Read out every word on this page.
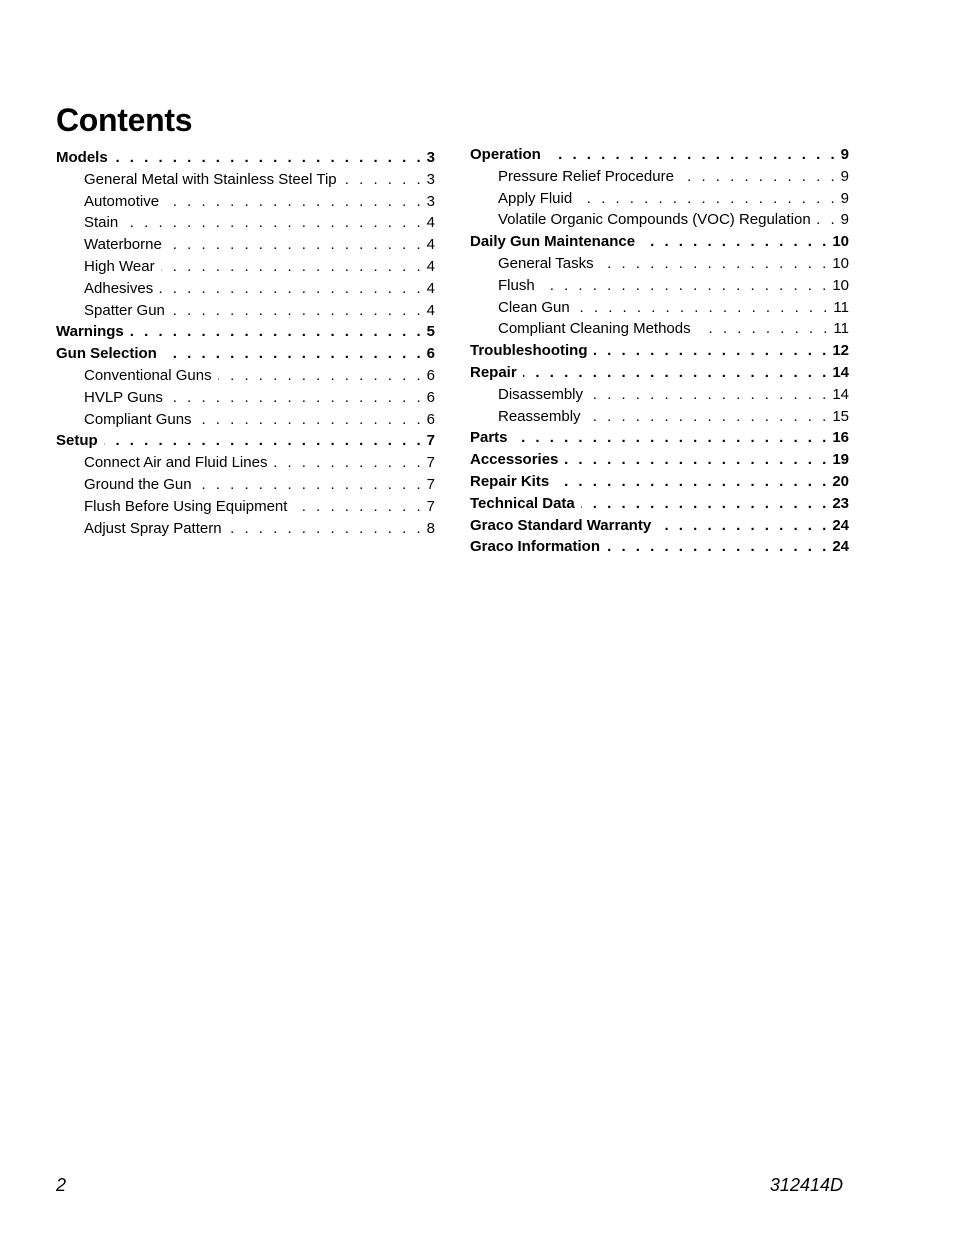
Contents
Models . . .	3
General Metal with Stainless Steel Tip . . .	3
Automotive . . .	3
Stain . . .	4
Waterborne . . .	4
High Wear . . .	4
Adhesives . . .	4
Spatter Gun . . .	4
Warnings . . .	5
Gun Selection . . .	6
Conventional Guns . . .	6
HVLP Guns . . .	6
Compliant Guns . . .	6
Setup . . .	7
Connect Air and Fluid Lines . . .	7
Ground the Gun . . .	7
Flush Before Using Equipment . . .	7
Adjust Spray Pattern . . .	8
Operation . . .	9
Pressure Relief Procedure . . .	9
Apply Fluid . . .	9
Volatile Organic Compounds (VOC) Regulation . . . 9
Daily Gun Maintenance . . .	10
General Tasks . . .	10
Flush . . .	10
Clean Gun . . .	11
Compliant Cleaning Methods . . .	11
Troubleshooting . . .	12
Repair . . .	14
Disassembly . . .	14
Reassembly . . .	15
Parts . . .	16
Accessories . . .	19
Repair Kits . . .	20
Technical Data . . .	23
Graco Standard Warranty . . .	24
Graco Information . . .	24
2	312414D
